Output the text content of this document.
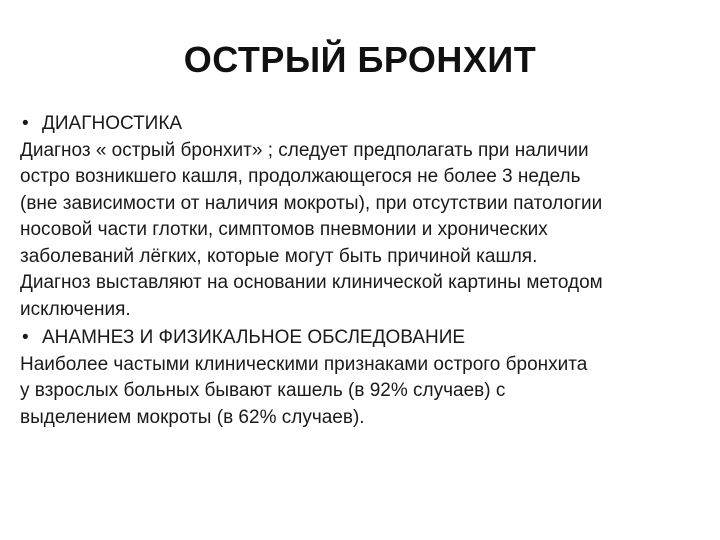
ОСТРЫЙ БРОНХИТ
• ДИАГНОСТИКА

Диагноз « острый бронхит» ; следует предполагать при наличии

остро возникшего кашля, продолжающегося не более 3 недель

(вне зависимости от наличия мокроты), при отсутствии патологии

носовой части глотки, симптомов пневмонии и хронических

заболеваний лёгких, которые могут быть причиной кашля.

Диагноз выставляют на основании клинической картины методом

исключения.

• АНАМНЕЗ И ФИЗИКАЛЬНОЕ ОБСЛЕДОВАНИЕ

Наиболее частыми клиническими признаками острого бронхита

у взрослых больных бывают кашель (в 92% случаев) с

выделением мокроты (в 62% случаев).
